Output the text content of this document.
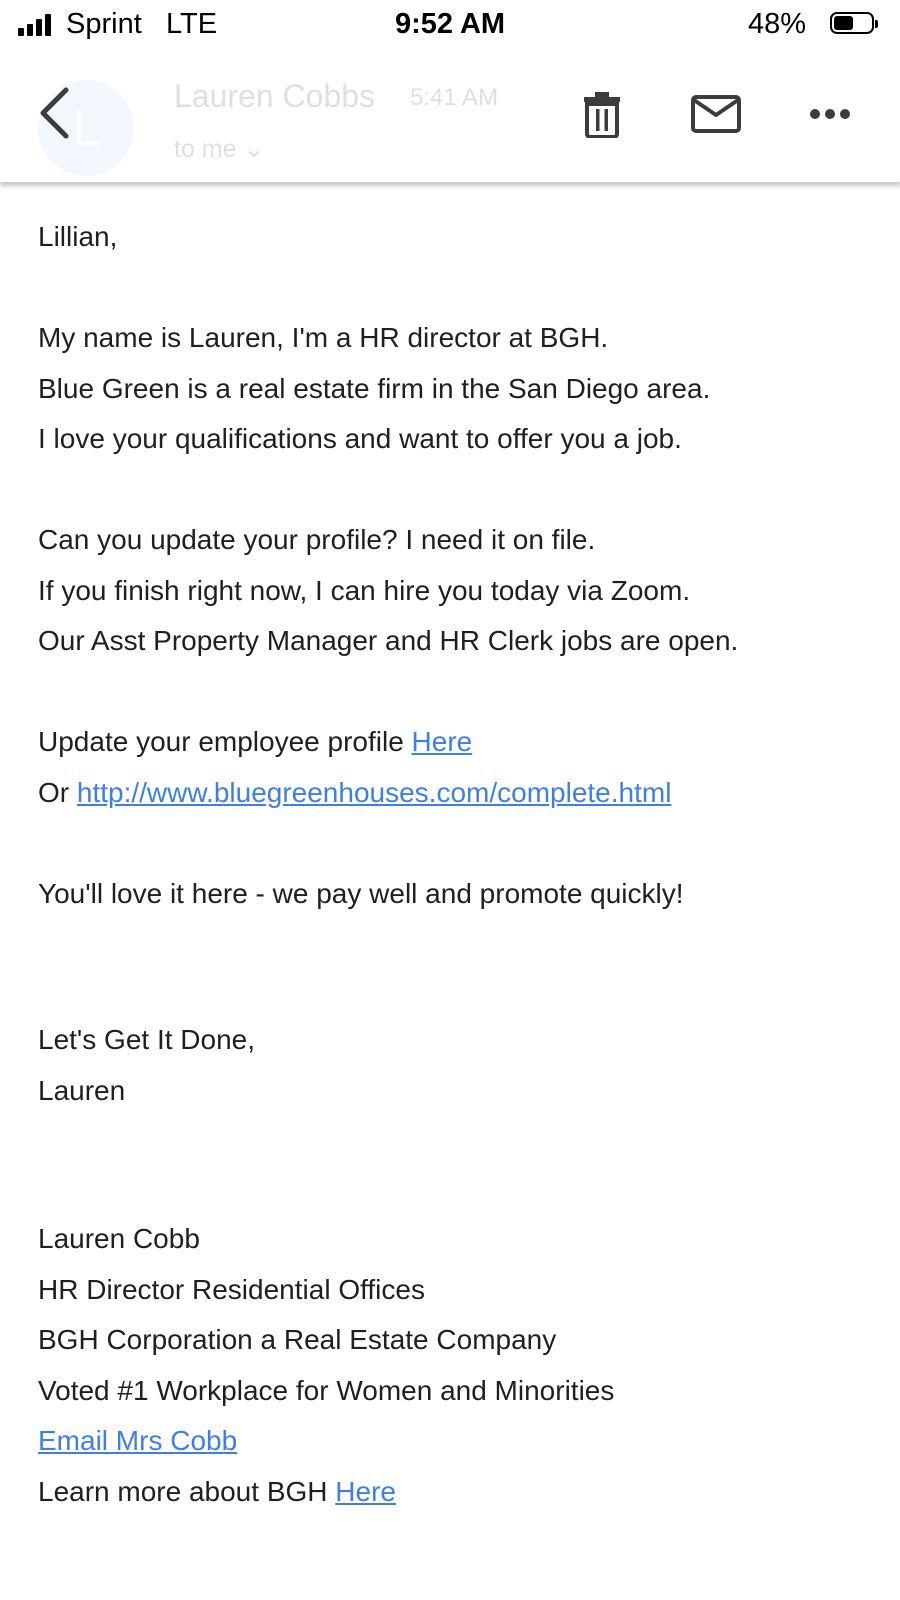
Sprint LTE	9:52 AM	48%
L
Lauren Cobbs 5:41 AM
to me ⌄

Lillian,

My name is Lauren, I'm a HR director at BGH.

Blue Green is a real estate firm in the San Diego area.

I love your qualifications and want to offer you a job.

Can you update your profile? I need it on file.

If you finish right now, I can hire you today via Zoom.

Our Asst Property Manager and HR Clerk jobs are open.

Update your employee profile Here

Or http://www.bluegreenhouses.com/complete.html

You'll love it here - we pay well and promote quickly!

Let's Get It Done,

Lauren

Lauren Cobb

HR Director Residential Offices

BGH Corporation a Real Estate Company

Voted #1 Workplace for Women and Minorities

Email Mrs Cobb

Learn more about BGH Here
